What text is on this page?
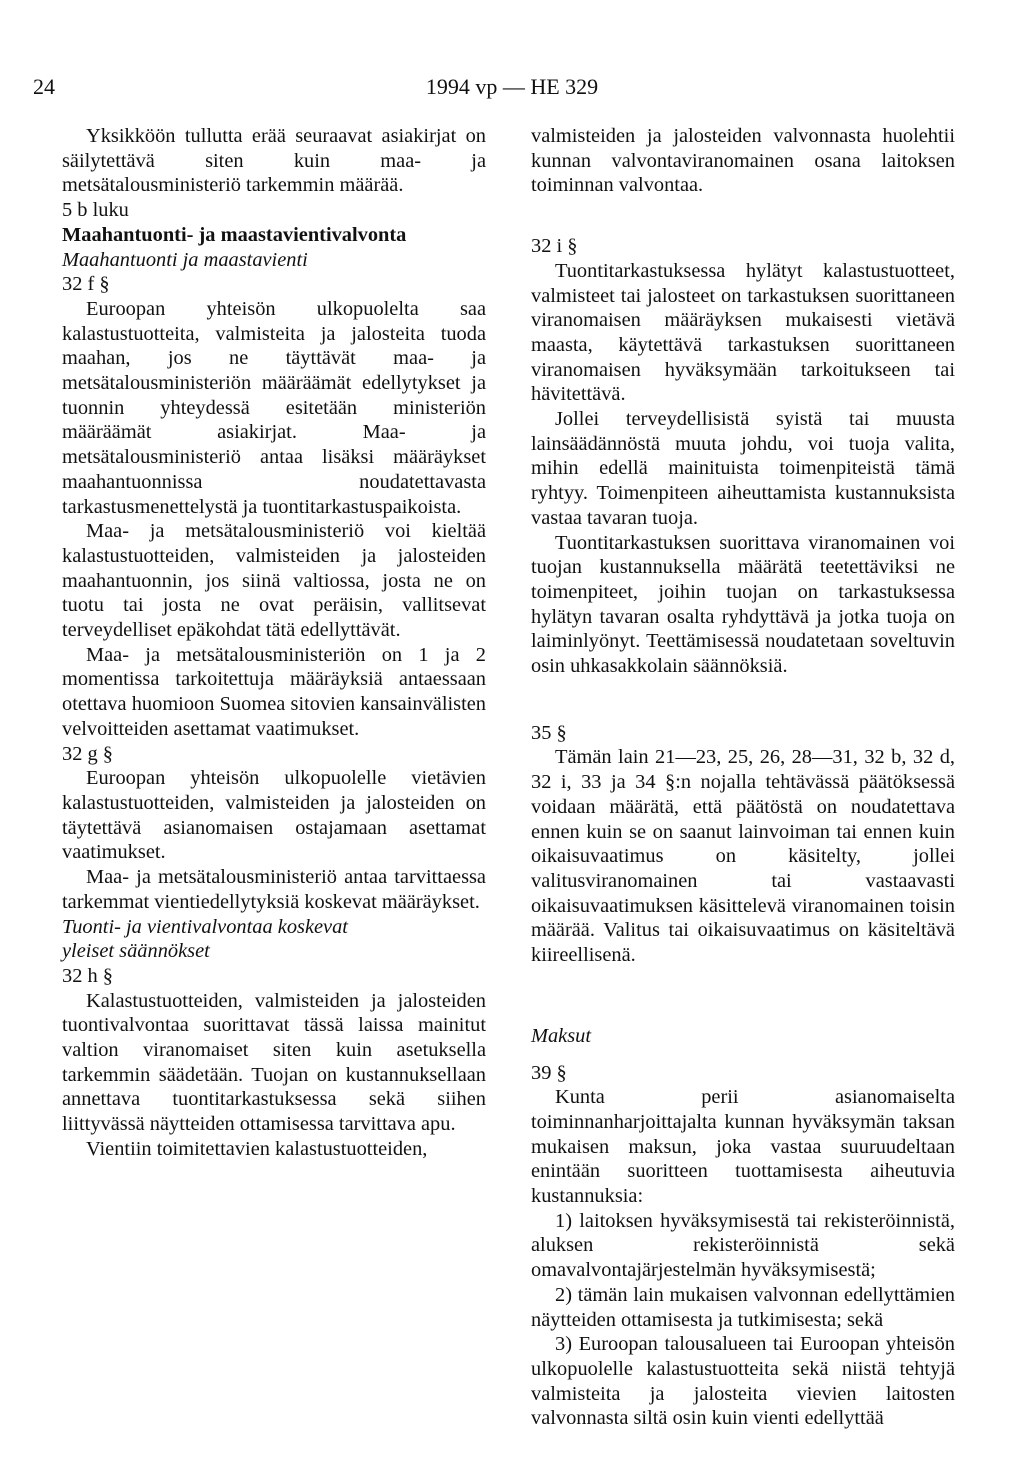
24	1994 vp — HE 329

Yksikköön tullutta erää seuraavat asiakirjat on säilytettävä siten kuin maa- ja metsätalousministeriö tarkemmin määrää.

5 b luku

Maahantuonti- ja maastavientivalvonta

Maahantuonti ja maastavienti

32 f §

Euroopan yhteisön ulkopuolelta saa kalastustuotteita, valmisteita ja jalosteita tuoda maahan, jos ne täyttävät maa- ja metsätalousministeriön määräämät edellytykset ja tuonnin yhteydessä esitetään ministeriön määräämät asiakirjat. Maa- ja metsätalousministeriö antaa lisäksi määräykset maahantuonnissa noudatettavasta tarkastusmenettelystä ja tuontitarkastuspaikoista.

Maa- ja metsätalousministeriö voi kieltää kalastustuotteiden, valmisteiden ja jalosteiden maahantuonnin, jos siinä valtiossa, josta ne on tuotu tai josta ne ovat peräisin, vallitsevat terveydelliset epäkohdat tätä edellyttävät.

Maa- ja metsätalousministeriön on 1 ja 2 momentissa tarkoitettuja määräyksiä antaessaan otettava huomioon Suomea sitovien kansainvälisten velvoitteiden asettamat vaatimukset.

32 g §

Euroopan yhteisön ulkopuolelle vietävien kalastustuotteiden, valmisteiden ja jalosteiden on täytettävä asianomaisen ostajamaan asettamat vaatimukset.

Maa- ja metsätalousministeriö antaa tarvittaessa tarkemmat vientiedellytyksiä koskevat määräykset.

Tuonti- ja vientivalvontaa koskevat

yleiset säännökset

32 h §

Kalastustuotteiden, valmisteiden ja jalosteiden tuontivalvontaa suorittavat tässä laissa mainitut valtion viranomaiset siten kuin asetuksella tarkemmin säädetään. Tuojan on kustannuksellaan annettava tuontitarkastuksessa sekä siihen liittyvässä näytteiden ottamisessa tarvittava apu.

Vientiin toimitettavien kalastustuotteiden,

valmisteiden ja jalosteiden valvonnasta huolehtii kunnan valvontaviranomainen osana laitoksen toiminnan valvontaa.

32 i §

Tuontitarkastuksessa hylätyt kalastustuotteet, valmisteet tai jalosteet on tarkastuksen suorittaneen viranomaisen määräyksen mukaisesti vietävä maasta, käytettävä tarkastuksen suorittaneen viranomaisen hyväksymään tarkoitukseen tai hävitettävä.

Jollei terveydellisistä syistä tai muusta lainsäädännöstä muuta johdu, voi tuoja valita, mihin edellä mainituista toimenpiteistä tämä ryhtyy. Toimenpiteen aiheuttamista kustannuksista vastaa tavaran tuoja.

Tuontitarkastuksen suorittava viranomainen voi tuojan kustannuksella määrätä teetettäviksi ne toimenpiteet, joihin tuojan on tarkastuksessa hylätyn tavaran osalta ryhdyttävä ja jotka tuoja on laiminlyönyt. Teettämisessä noudatetaan soveltuvin osin uhkasakkolain säännöksiä.

35 §

Tämän lain 21—23, 25, 26, 28—31, 32 b, 32 d, 32 i, 33 ja 34 §:n nojalla tehtävässä päätöksessä voidaan määrätä, että päätöstä on noudatettava ennen kuin se on saanut lainvoiman tai ennen kuin oikaisuvaatimus on käsitelty, jollei valitusviranomainen tai vastaavasti oikaisuvaatimuksen käsittelevä viranomainen toisin määrää. Valitus tai oikaisuvaatimus on käsiteltävä kiireellisenä.

Maksut

39 §

Kunta perii asianomaiselta toiminnanharjoittajalta kunnan hyväksymän taksan mukaisen maksun, joka vastaa suuruudeltaan enintään suoritteen tuottamisesta aiheutuvia kustannuksia:

1) laitoksen hyväksymisestä tai rekisteröinnistä, aluksen rekisteröinnistä sekä omavalvontajärjestelmän hyväksymisestä;

2) tämän lain mukaisen valvonnan edellyttämien näytteiden ottamisesta ja tutkimisesta; sekä

3) Euroopan talousalueen tai Euroopan yhteisön ulkopuolelle kalastustuotteita sekä niistä tehtyjä valmisteita ja jalosteita vievien laitosten valvonnasta siltä osin kuin vienti edellyttää
